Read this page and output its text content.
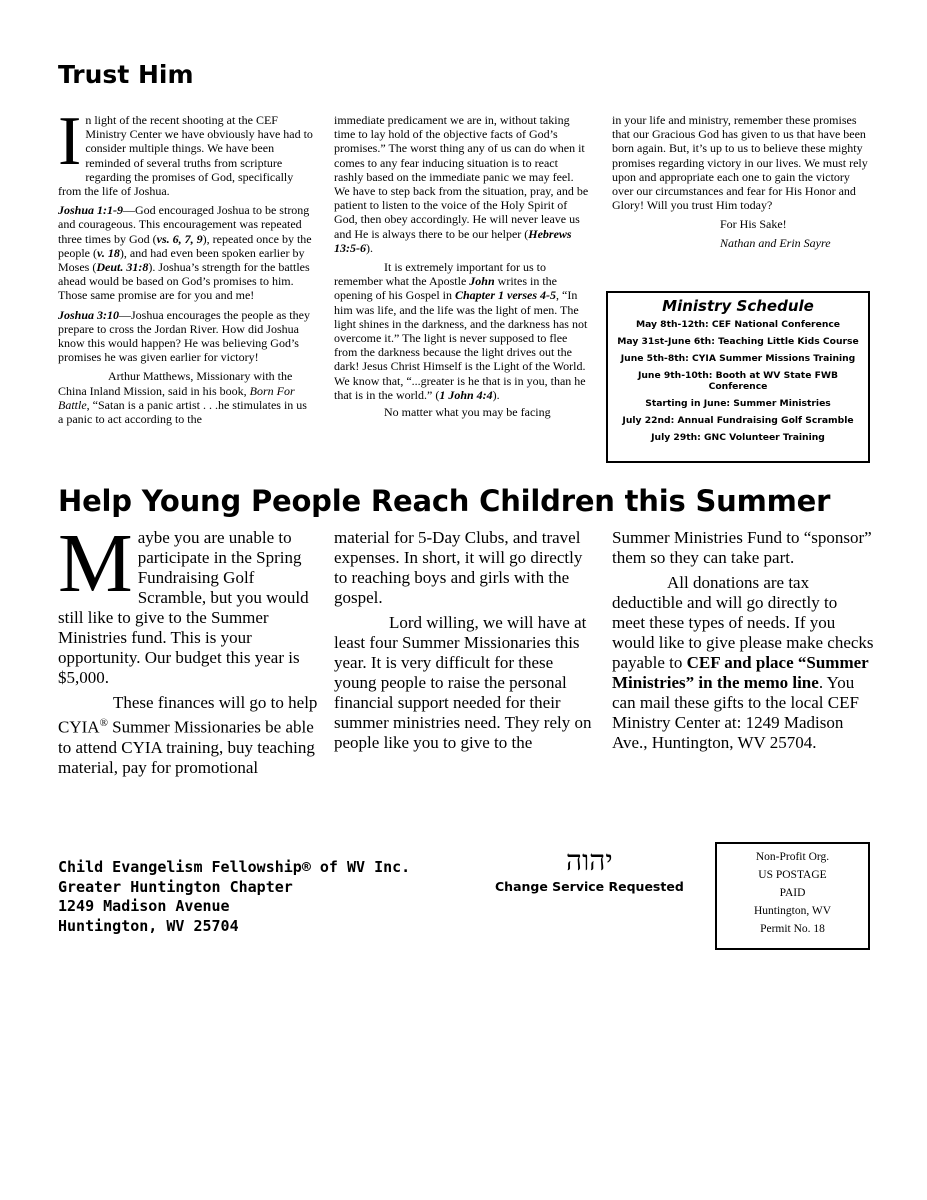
Trust Him

In light of the recent shooting at the CEF Ministry Center we have obviously have had to consider multiple things. We have been reminded of several truths from scripture regarding the promises of God, specifically from the life of Joshua.

Joshua 1:1-9—God encouraged Joshua to be strong and courageous. This encouragement was repeated three times by God (vs. 6, 7, 9), repeated once by the people (v. 18), and had even been spoken earlier by Moses (Deut. 31:8). Joshua’s strength for the battles ahead would be based on God’s promises to him. Those same promise are for you and me!

Joshua 3:10—Joshua encourages the people as they prepare to cross the Jordan River. How did Joshua know this would happen? He was believing God’s promises he was given earlier for victory!

Arthur Matthews, Missionary with the China Inland Mission, said in his book, Born For Battle, “Satan is a panic artist . . .he stimulates in us a panic to act according to the

immediate predicament we are in, without taking time to lay hold of the objective facts of God’s promises.” The worst thing any of us can do when it comes to any fear inducing situation is to react rashly based on the immediate panic we may feel. We have to step back from the situation, pray, and be patient to listen to the voice of the Holy Spirit of God, then obey accordingly. He will never leave us and He is always there to be our helper (Hebrews 13:5-6).

It is extremely important for us to remember what the Apostle John writes in the opening of his Gospel in Chapter 1 verses 4-5, “In him was life, and the life was the light of men. The light shines in the darkness, and the darkness has not overcome it.” The light is never supposed to flee from the darkness because the light drives out the dark! Jesus Christ Himself is the Light of the World. We know that, “...greater is he that is in you, than he that is in the world.” (1 John 4:4).

No matter what you may be facing

in your life and ministry, remember these promises that our Gracious God has given to us that have been born again. But, it’s up to us to believe these mighty promises regarding victory in our lives. We must rely upon and appropriate each one to gain the victory over our circumstances and fear for His Honor and Glory! Will you trust Him today?

For His Sake!

Nathan and Erin Sayre

Ministry Schedule
May 8th-12th: CEF National Conference
May 31st-June 6th: Teaching Little Kids Course
June 5th-8th: CYIA Summer Missions Training
June 9th-10th: Booth at WV State FWB Conference
Starting in June: Summer Ministries
July 22nd: Annual Fundraising Golf Scramble
July 29th: GNC Volunteer Training
Help Young People Reach Children this Summer

Maybe you are unable to participate in the Spring Fundraising Golf Scramble, but you would still like to give to the Summer Ministries fund. This is your opportunity. Our budget this year is $5,000.

These finances will go to help CYIA® Summer Missionaries be able to attend CYIA training, buy teaching material, pay for promotional

material for 5-Day Clubs, and travel expenses. In short, it will go directly to reaching boys and girls with the gospel.

Lord willing, we will have at least four Summer Missionaries this year. It is very difficult for these young people to raise the personal financial support needed for their summer ministries need. They rely on people like you to give to the

Summer Ministries Fund to “sponsor” them so they can take part.

All donations are tax deductible and will go directly to meet these types of needs. If you would like to give please make checks payable to CEF and place “Summer Ministries” in the memo line. You can mail these gifts to the local CEF Ministry Center at: 1249 Madison Ave., Huntington, WV 25704.

Child Evangelism Fellowship® of WV Inc.
Greater Huntington Chapter
1249 Madison Avenue
Huntington, WV 25704
יהוה
Change Service Requested
Non-Profit Org.
US POSTAGE
PAID
Huntington, WV
Permit No. 18
